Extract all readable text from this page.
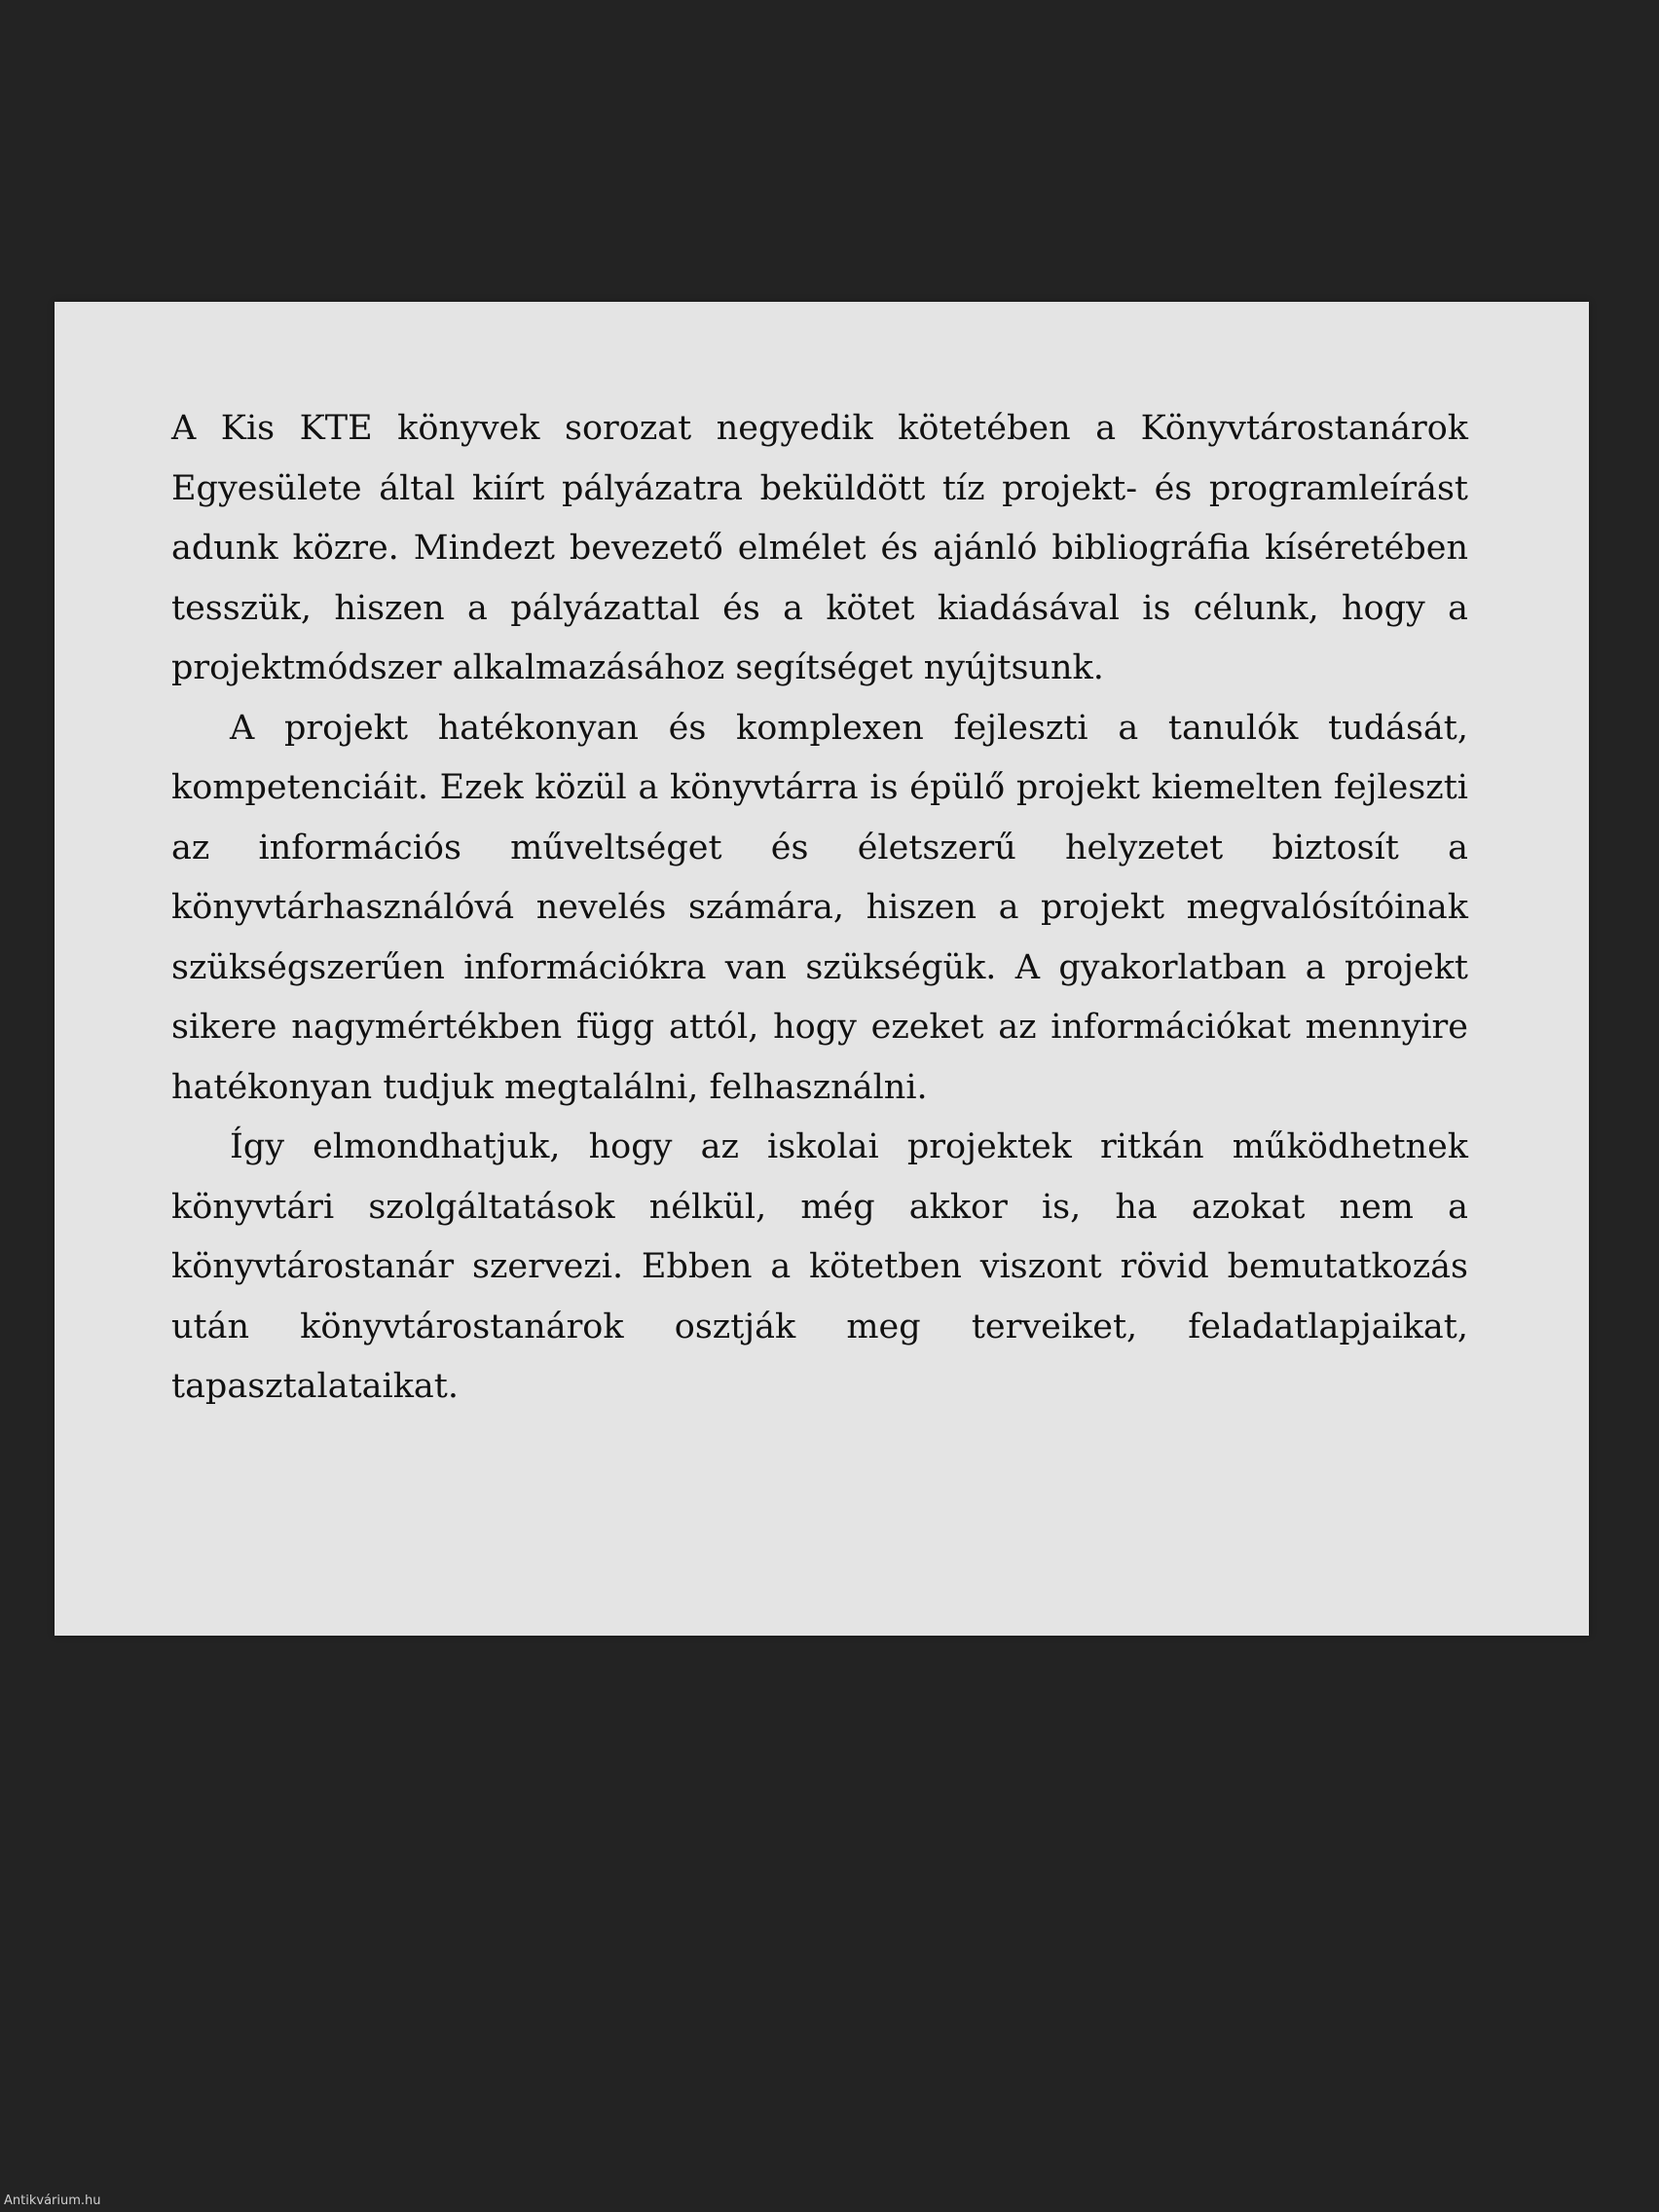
A Kis KTE könyvek sorozat negyedik kötetében a Könyvtárostanárok Egyesülete által kiírt pályázatra beküldött tíz projekt- és programleírást adunk közre. Mindezt bevezető elmélet és ajánló bibliográfia kíséretében tesszük, hiszen a pályázattal és a kötet kiadásával is célunk, hogy a projektmódszer alkalmazásához segítséget nyújtsunk.

A projekt hatékonyan és komplexen fejleszti a tanulók tudását, kompetenciáit. Ezek közül a könyvtárra is épülő projekt kiemelten fejleszti az információs műveltséget és életszerű helyzetet biztosít a könyvtárhasználóvá nevelés számára, hiszen a projekt megvalósítóinak szükségszerűen információkra van szükségük. A gyakorlatban a projekt sikere nagymértékben függ attól, hogy ezeket az információkat mennyire hatékonyan tudjuk megtalálni, felhasználni.

Így elmondhatjuk, hogy az iskolai projektek ritkán működhetnek könyvtári szolgáltatások nélkül, még akkor is, ha azokat nem a könyvtárostanár szervezi. Ebben a kötetben viszont rövid bemutatkozás után könyvtárostanárok osztják meg terveiket, feladatlapjaikat, tapasztalataikat.

Antikvárium.hu
